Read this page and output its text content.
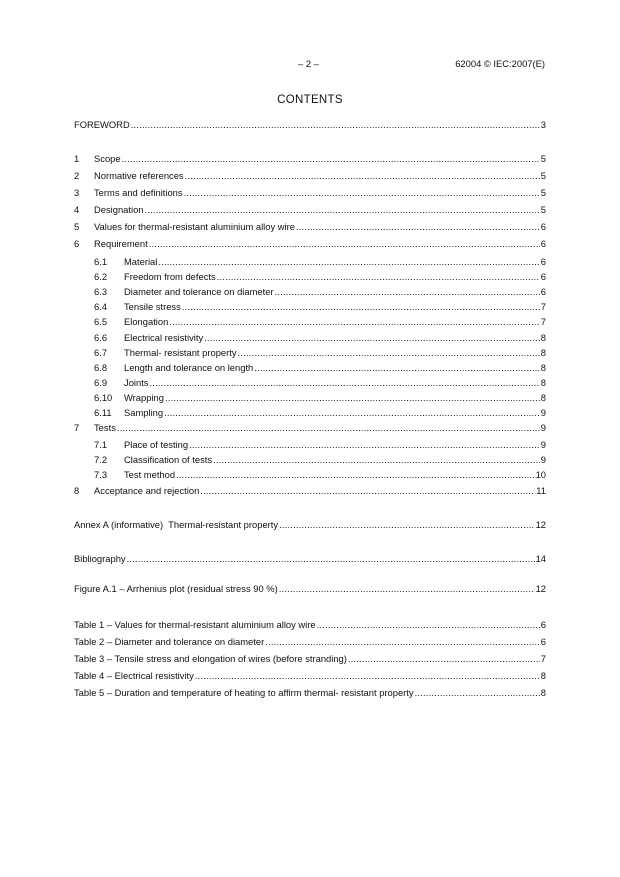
– 2 –	62004 © IEC:2007(E)
CONTENTS
FOREWORD .....	3
1	Scope .....	5
2	Normative references .....	5
3	Terms and definitions .....	5
4	Designation .....	5
5	Values for thermal-resistant aluminium alloy wire .....	6
6	Requirement .....	6
6.1	Material .....	6
6.2	Freedom from defects .....	6
6.3	Diameter and tolerance on diameter .....	6
6.4	Tensile stress .....	7
6.5	Elongation .....	7
6.6	Electrical resistivity .....	8
6.7	Thermal- resistant property .....	8
6.8	Length and tolerance on length .....	8
6.9	Joints .....	8
6.10	Wrapping .....	8
6.11	Sampling .....	9
7	Tests .....	9
7.1	Place of testing .....	9
7.2	Classification of tests .....	9
7.3	Test method .....	10
8	Acceptance and rejection .....	11
Annex A (informative)  Thermal-resistant property .....	12
Bibliography .....	14
Figure A.1 – Arrhenius plot (residual stress 90 %) .....	12
Table 1 – Values for thermal-resistant aluminium alloy wire .....	6
Table 2 – Diameter and tolerance on diameter .....	6
Table 3 – Tensile stress and elongation of wires (before stranding) .....	7
Table 4 – Electrical resistivity .....	8
Table 5 – Duration and temperature of heating to affirm thermal- resistant property .....	8
